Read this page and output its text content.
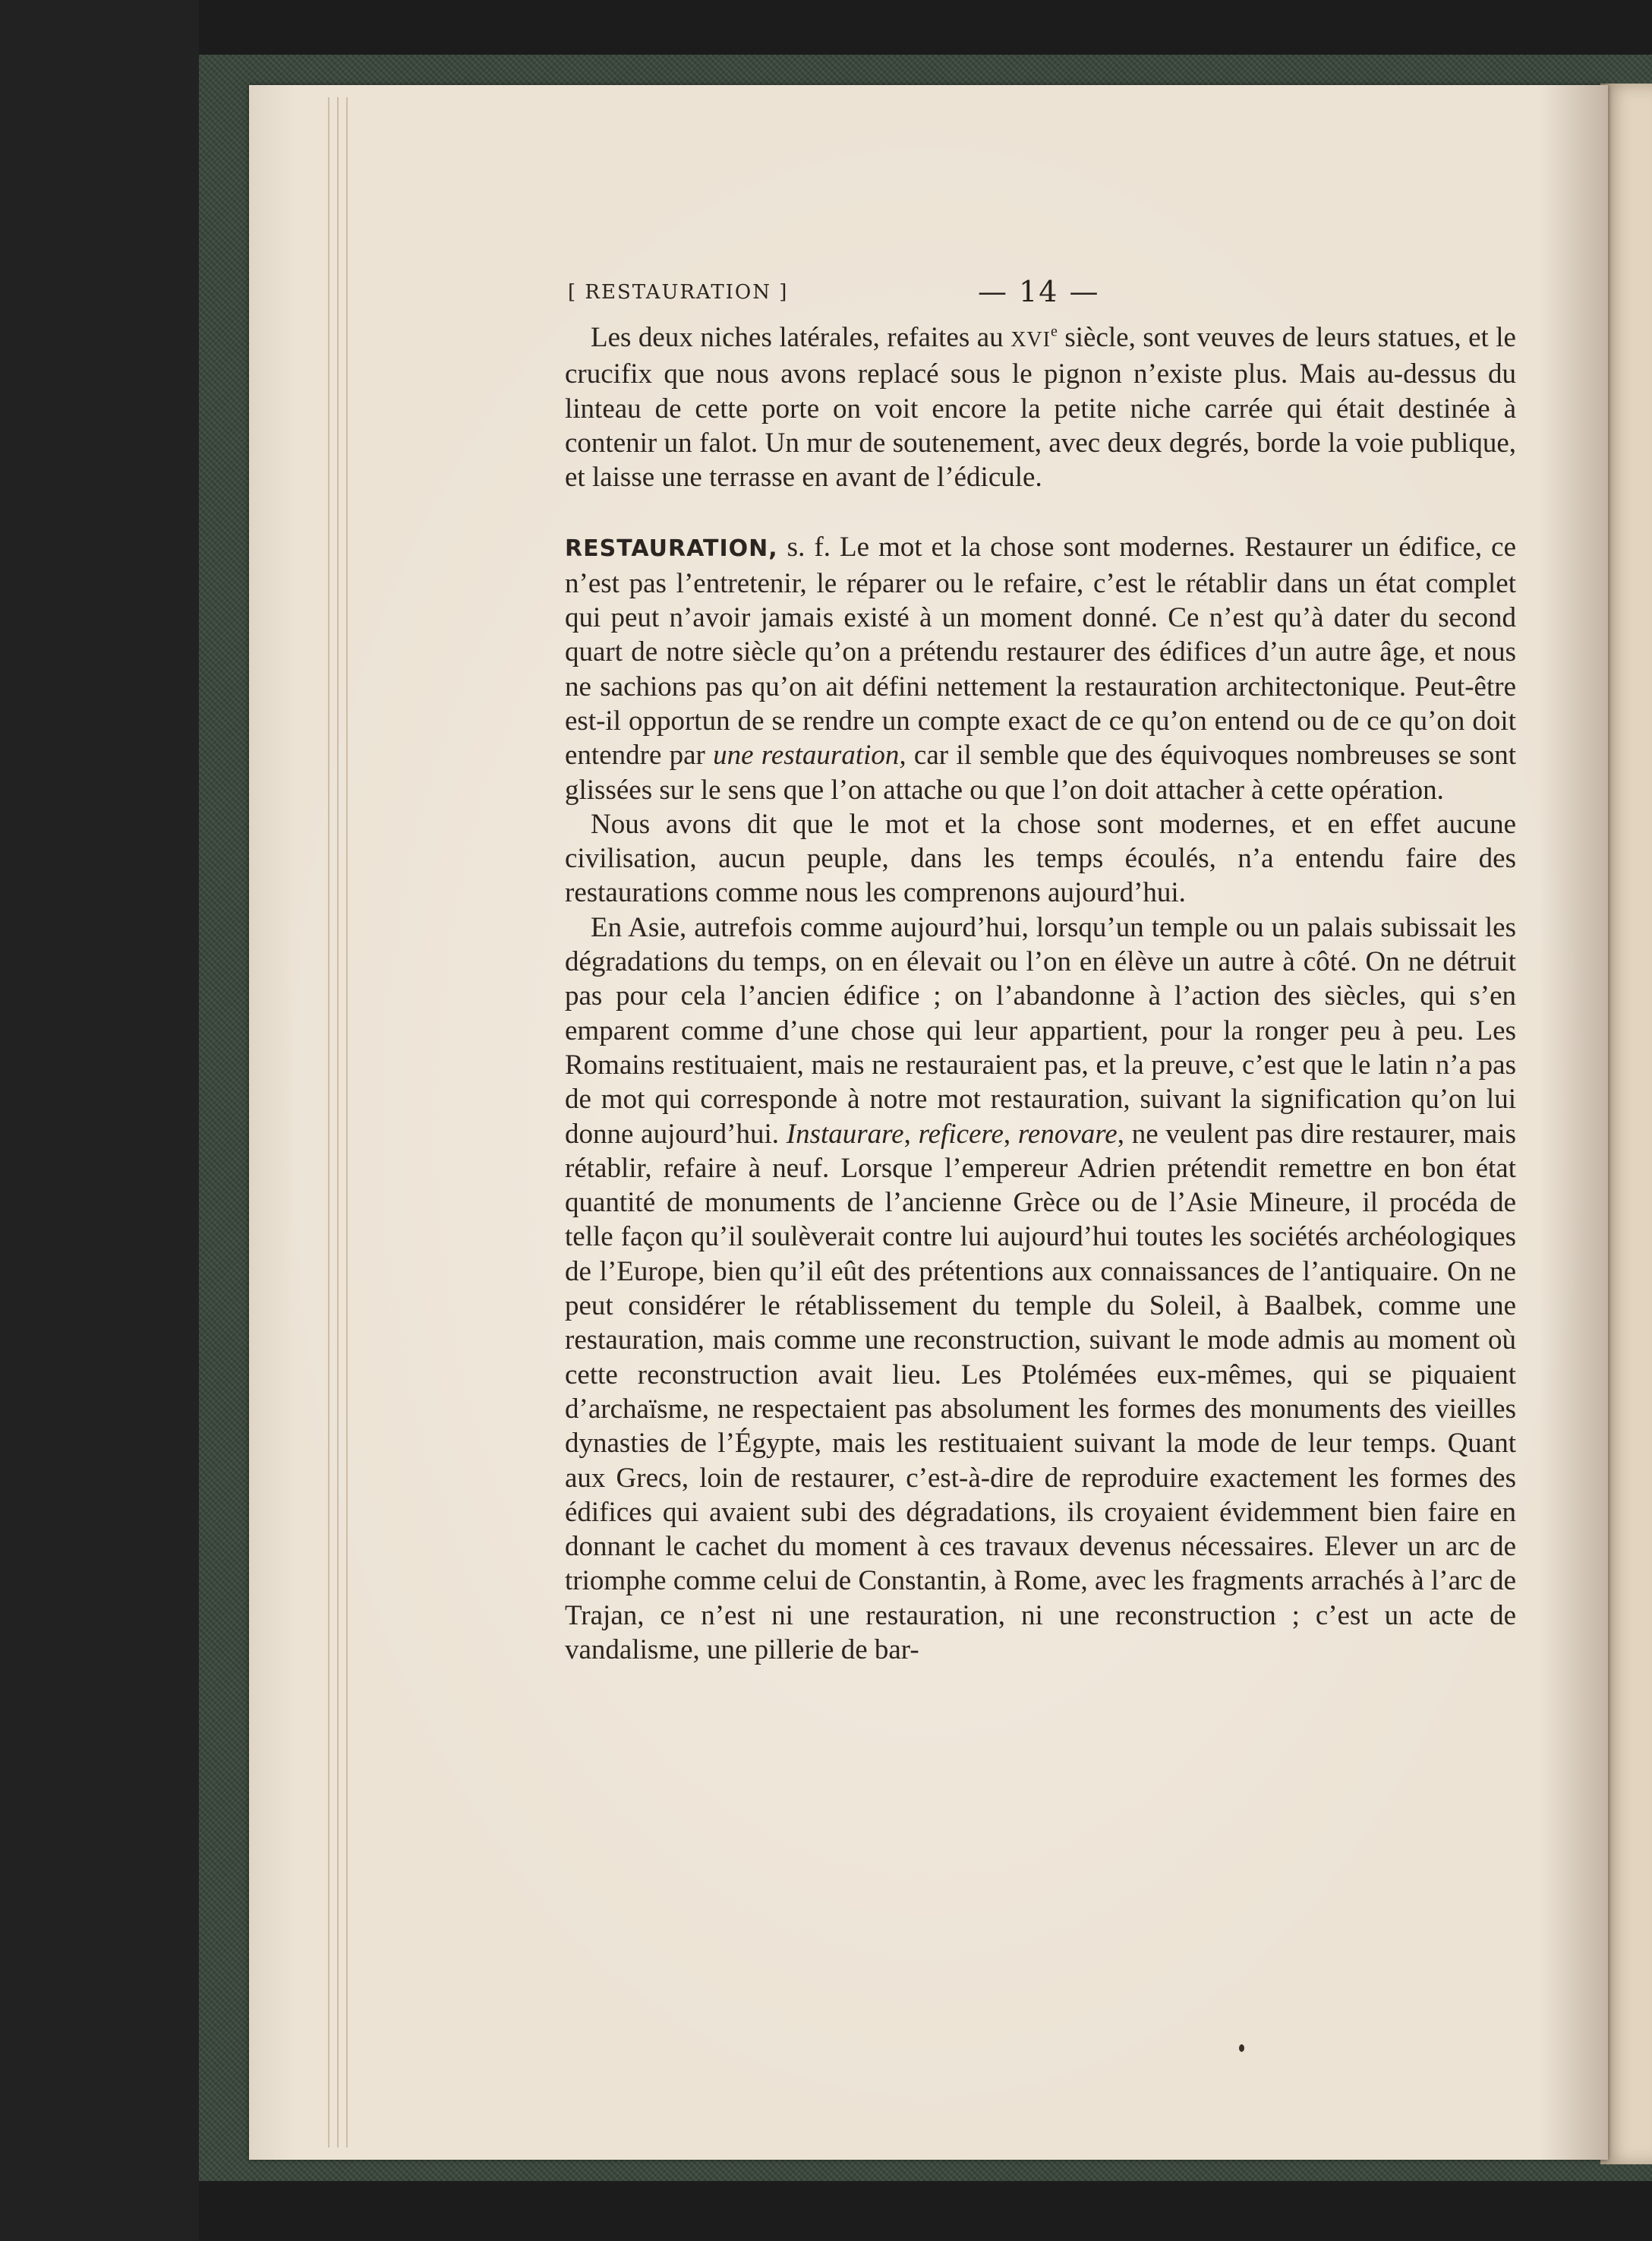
[ RESTAURATION ]	— 14 —

Les deux niches latérales, refaites au XVIe siècle, sont veuves de leurs statues, et le crucifix que nous avons replacé sous le pignon n’existe plus. Mais au-dessus du linteau de cette porte on voit encore la petite niche carrée qui était destinée à contenir un falot. Un mur de soutenement, avec deux degrés, borde la voie publique, et laisse une terrasse en avant de l’édicule.

RESTAURATION, s. f. Le mot et la chose sont modernes. Restaurer un édifice, ce n’est pas l’entretenir, le réparer ou le refaire, c’est le rétablir dans un état complet qui peut n’avoir jamais existé à un moment donné. Ce n’est qu’à dater du second quart de notre siècle qu’on a prétendu restaurer des édifices d’un autre âge, et nous ne sachions pas qu’on ait défini nettement la restauration architectonique. Peut-être est-il opportun de se rendre un compte exact de ce qu’on entend ou de ce qu’on doit entendre par une restauration, car il semble que des équivoques nombreuses se sont glissées sur le sens que l’on attache ou que l’on doit attacher à cette opération.

Nous avons dit que le mot et la chose sont modernes, et en effet aucune civilisation, aucun peuple, dans les temps écoulés, n’a entendu faire des restaurations comme nous les comprenons aujourd’hui.

En Asie, autrefois comme aujourd’hui, lorsqu’un temple ou un palais subissait les dégradations du temps, on en élevait ou l’on en élève un autre à côté. On ne détruit pas pour cela l’ancien édifice ; on l’abandonne à l’action des siècles, qui s’en emparent comme d’une chose qui leur appartient, pour la ronger peu à peu. Les Romains restituaient, mais ne restauraient pas, et la preuve, c’est que le latin n’a pas de mot qui corresponde à notre mot restauration, suivant la signification qu’on lui donne aujourd’hui. Instaurare, reficere, renovare, ne veulent pas dire restaurer, mais rétablir, refaire à neuf. Lorsque l’empereur Adrien prétendit remettre en bon état quantité de monuments de l’ancienne Grèce ou de l’Asie Mineure, il procéda de telle façon qu’il soulèverait contre lui aujourd’hui toutes les sociétés archéologiques de l’Europe, bien qu’il eût des prétentions aux connaissances de l’antiquaire. On ne peut considérer le rétablissement du temple du Soleil, à Baalbek, comme une restauration, mais comme une reconstruction, suivant le mode admis au moment où cette reconstruction avait lieu. Les Ptolémées eux-mêmes, qui se piquaient d’archaïsme, ne respectaient pas absolument les formes des monuments des vieilles dynasties de l’Égypte, mais les restituaient suivant la mode de leur temps. Quant aux Grecs, loin de restaurer, c’est-à-dire de reproduire exactement les formes des édifices qui avaient subi des dégradations, ils croyaient évidemment bien faire en donnant le cachet du moment à ces travaux devenus nécessaires. Elever un arc de triomphe comme celui de Constantin, à Rome, avec les fragments arrachés à l’arc de Trajan, ce n’est ni une restauration, ni une reconstruction ; c’est un acte de vandalisme, une pillerie de bar-
